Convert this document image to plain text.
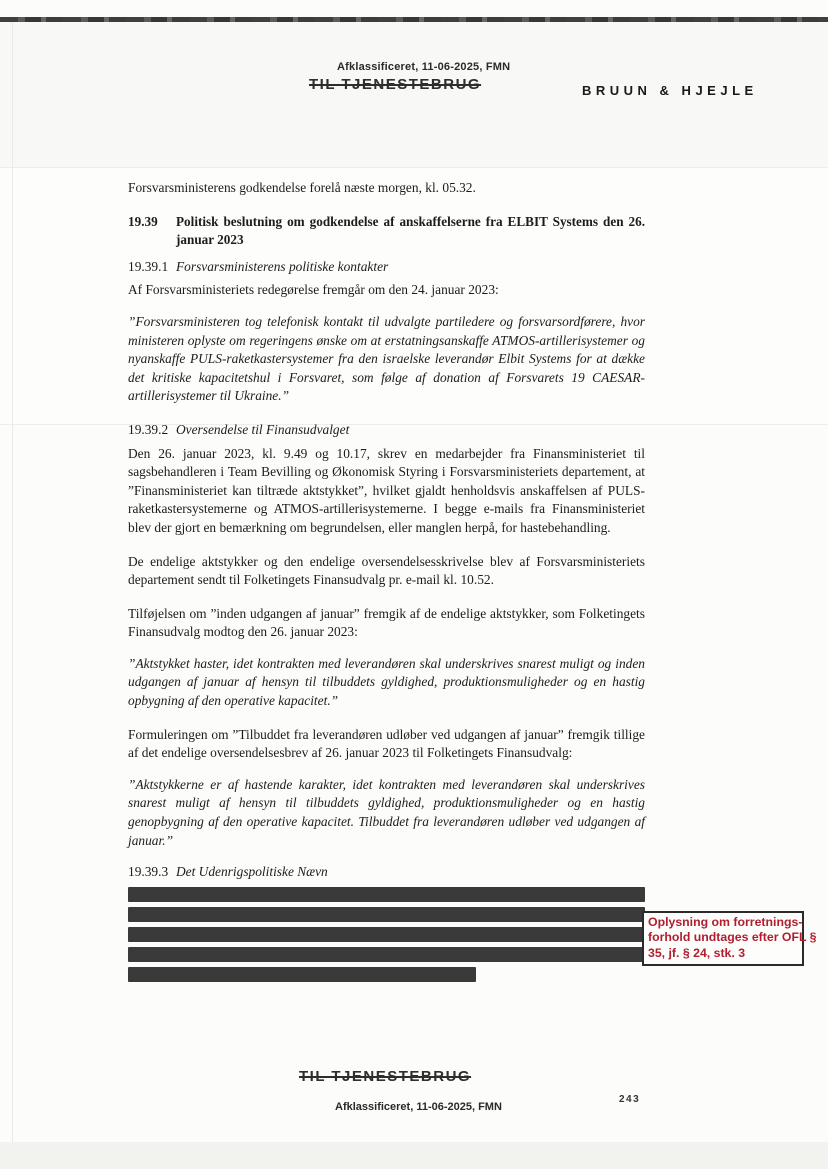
Afklassificeret, 11-06-2025, FMN
TIL TJENESTEBRUG	BRUUN & HJEJLE

Forsvarsministerens godkendelse forelå næste morgen, kl. 05.32.

19.39	Politisk beslutning om godkendelse af anskaffelserne fra ELBIT Systems den 26. januar 2023
19.39.1 Forsvarsministerens politiske kontakter

Af Forsvarsministeriets redegørelse fremgår om den 24. januar 2023:

”Forsvarsministeren tog telefonisk kontakt til udvalgte partiledere og forsvarsordførere, hvor ministeren oplyste om regeringens ønske om at erstatningsanskaffe ATMOS-artillerisystemer og nyanskaffe PULS-raketkastersystemer fra den israelske leverandør Elbit Systems for at dække det kritiske kapacitetshul i Forsvaret, som følge af donation af Forsvarets 19 CAESAR-artillerisystemer til Ukraine.”

19.39.2 Oversendelse til Finansudvalget

Den 26. januar 2023, kl. 9.49 og 10.17, skrev en medarbejder fra Finansministeriet til sagsbehandleren i Team Bevilling og Økonomisk Styring i Forsvarsministeriets departement, at ”Finansministeriet kan tiltræde aktstykket”, hvilket gjaldt henholdsvis anskaffelsen af PULS-raketkastersystemerne og ATMOS-artillerisystemerne. I begge e-mails fra Finansministeriet blev der gjort en bemærkning om begrundelsen, eller manglen herpå, for hastebehandling.

De endelige aktstykker og den endelige oversendelsesskrivelse blev af Forsvarsministeriets departement sendt til Folketingets Finansudvalg pr. e-mail kl. 10.52.

Tilføjelsen om ”inden udgangen af januar” fremgik af de endelige aktstykker, som Folketingets Finansudvalg modtog den 26. januar 2023:

”Aktstykket haster, idet kontrakten med leverandøren skal underskrives snarest muligt og inden udgangen af januar af hensyn til tilbuddets gyldighed, produktionsmuligheder og en hastig opbygning af den operative kapacitet.”

Formuleringen om ”Tilbuddet fra leverandøren udløber ved udgangen af januar” fremgik tillige af det endelige oversendelsesbrev af 26. januar 2023 til Folketingets Finansudvalg:

”Aktstykkerne er af hastende karakter, idet kontrakten med leverandøren skal underskrives snarest muligt af hensyn til tilbuddets gyldighed, produktionsmuligheder og en hastig genopbygning af den operative kapacitet. Tilbuddet fra leverandøren udløber ved udgangen af januar.”

19.39.3 Det Udenrigspolitiske Nævn
Oplysning om forretnings-
forhold undtages efter OFL §
35, jf. § 24, stk. 3
TIL TJENESTEBRUG
Afklassificeret, 11-06-2025, FMN
243
